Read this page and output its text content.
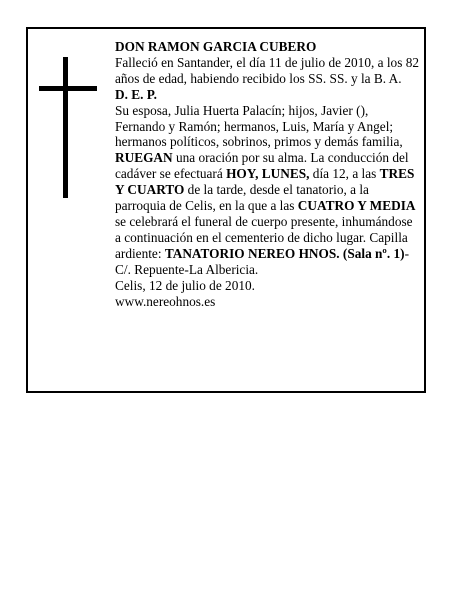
DON RAMON GARCIA CUBERO

Falleció en Santander, el día 11 de julio de 2010, a los 82 años de edad, habiendo recibido los SS. SS. y la B. A.

D. E. P.

Su esposa, Julia Huerta Palacín; hijos, Javier (), Fernando y Ramón; hermanos, Luis, María y Angel; hermanos políticos, sobrinos, primos y demás familia, RUEGAN una oración por su alma. La conducción del cadáver se efectuará HOY, LUNES, día 12, a las TRES Y CUARTO de la tarde, desde el tanatorio, a la parroquia de Celis, en la que a las CUATRO Y MEDIA se celebrará el funeral de cuerpo presente, inhumándose a continuación en el cementerio de dicho lugar. Capilla ardiente: TANATORIO NEREO HNOS. (Sala nº. 1)- C/. Repuente-La Albericia.

Celis, 12 de julio de 2010.

www.nereohnos.es
